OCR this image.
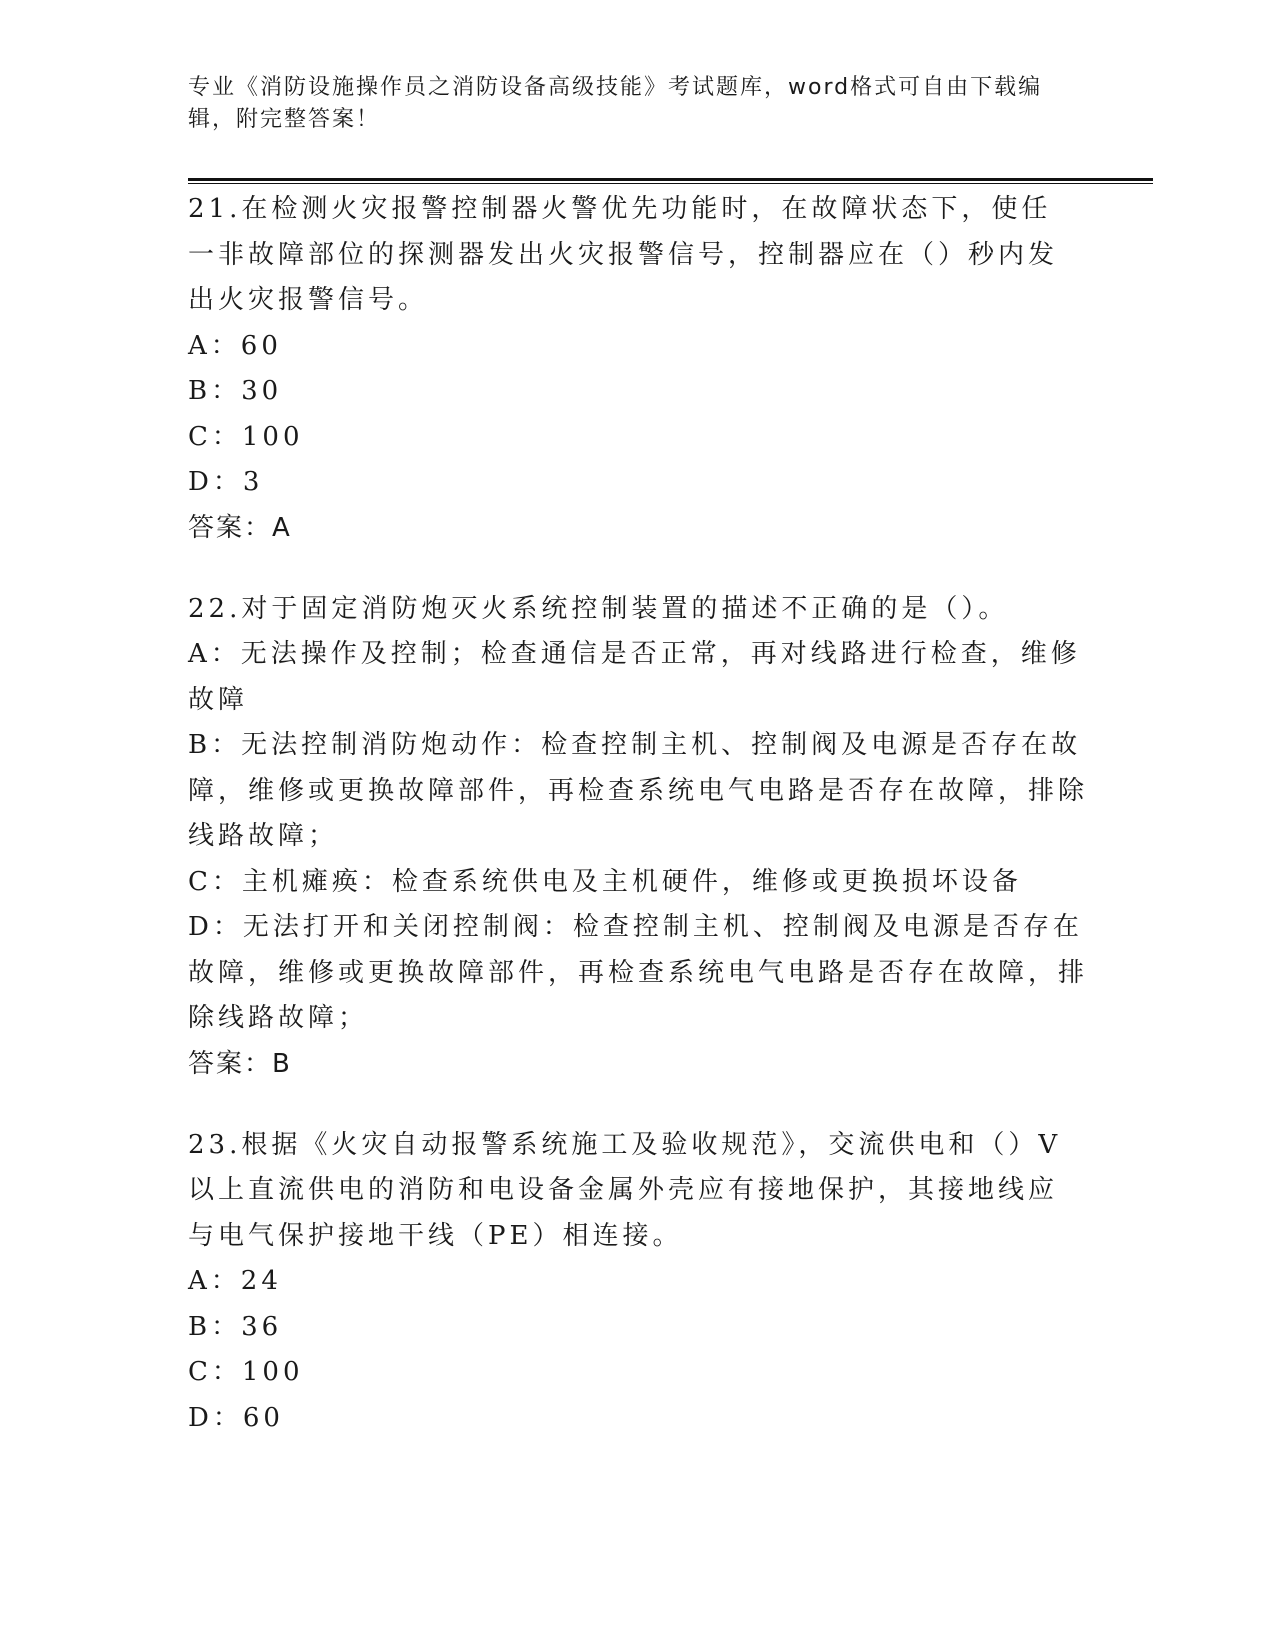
专业《消防设施操作员之消防设备高级技能》考试题库，word格式可自由下载编辑，附完整答案！

21.在检测火灾报警控制器火警优先功能时，在故障状态下，使任一非故障部位的探测器发出火灾报警信号，控制器应在（）秒内发出火灾报警信号。

A：60

B：30

C：100

D：3

答案：A

22.对于固定消防炮灭火系统控制装置的描述不正确的是（）。

A：无法操作及控制；检查通信是否正常，再对线路进行检查，维修故障

B：无法控制消防炮动作：检查控制主机、控制阀及电源是否存在故障，维修或更换故障部件，再检查系统电气电路是否存在故障，排除线路故障；

C：主机瘫痪：检查系统供电及主机硬件，维修或更换损坏设备

D：无法打开和关闭控制阀：检查控制主机、控制阀及电源是否存在故障，维修或更换故障部件，再检查系统电气电路是否存在故障，排除线路故障；

答案：B

23.根据《火灾自动报警系统施工及验收规范》，交流供电和（）V以上直流供电的消防和电设备金属外壳应有接地保护，其接地线应与电气保护接地干线（PE）相连接。

A：24

B：36

C：100

D：60
